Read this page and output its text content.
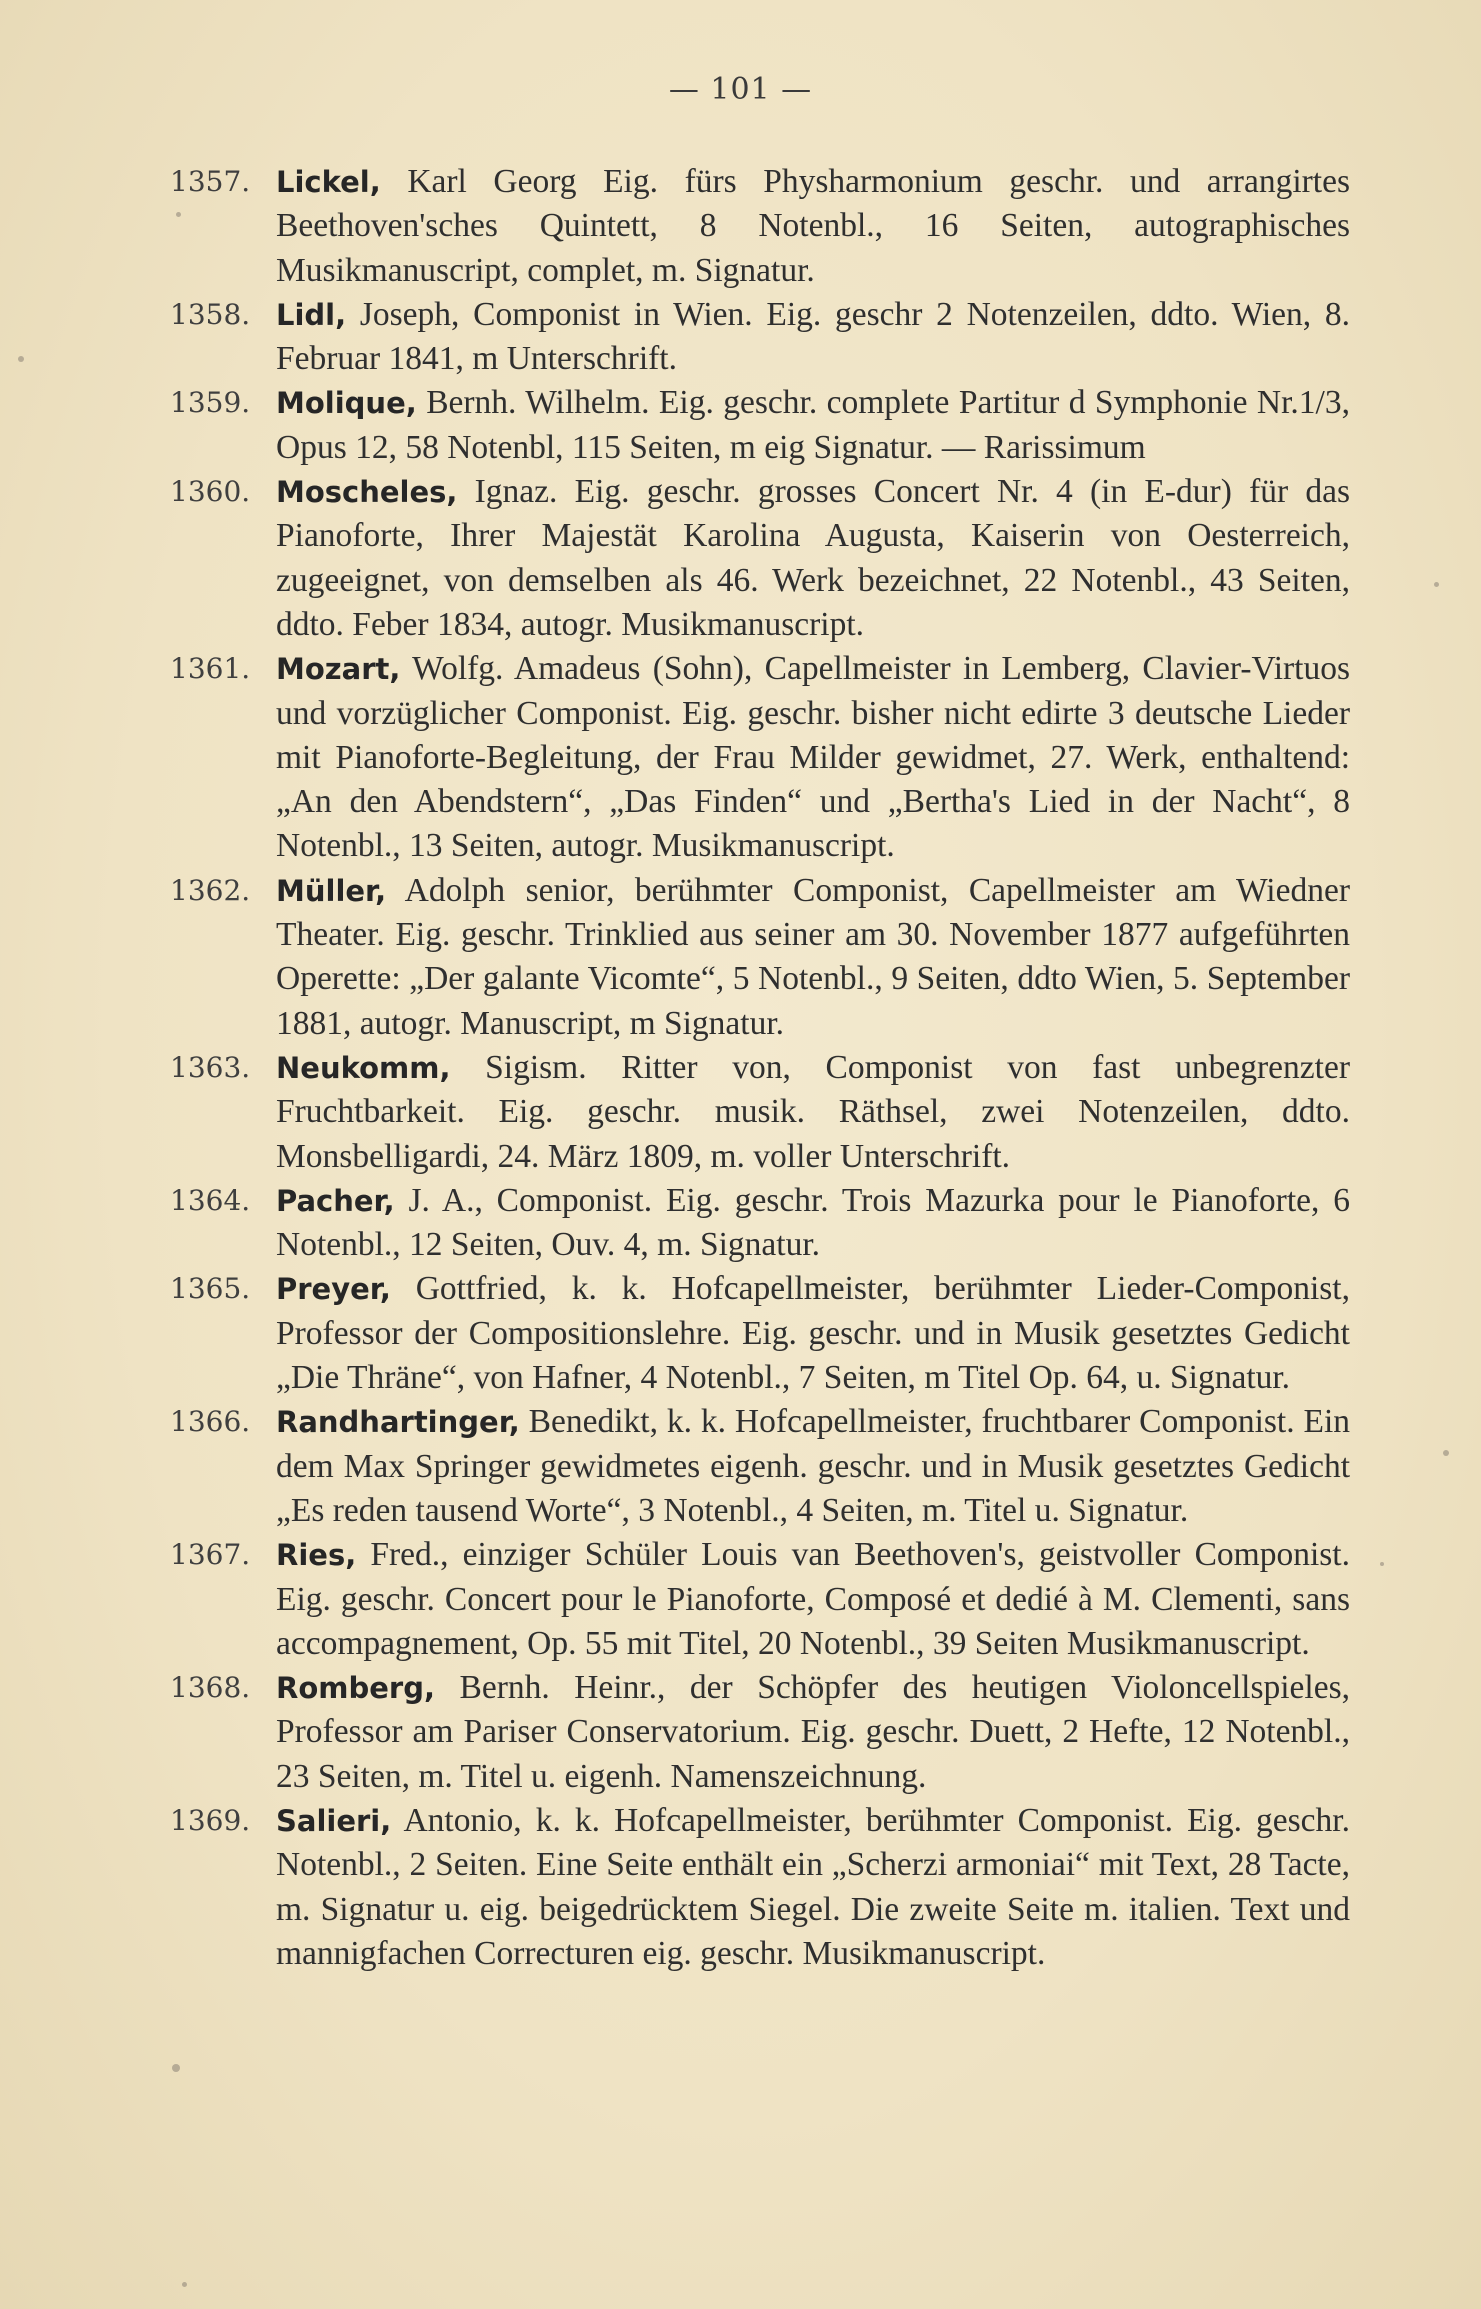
— 101 —
1357. Lickel, Karl Georg Eig. fürs Physharmonium geschr. und arrangirtes Beethoven'sches Quintett, 8 Notenbl., 16 Seiten, autographisches Musikmanuscript, complet, m. Signatur.
1358. Lidl, Joseph, Componist in Wien. Eig. geschr 2 Notenzeilen, ddto. Wien, 8. Februar 1841, m Unterschrift.
1359. Molique, Bernh. Wilhelm. Eig. geschr. complete Partitur d Symphonie Nr.1/3, Opus 12, 58 Notenbl, 115 Seiten, m eig Signatur. — Rarissimum
1360. Moscheles, Ignaz. Eig. geschr. grosses Concert Nr. 4 (in E-dur) für das Pianoforte, Ihrer Majestät Karolina Augusta, Kaiserin von Oesterreich, zugeeignet, von demselben als 46. Werk bezeichnet, 22 Notenbl., 43 Seiten, ddto. Feber 1834, autogr. Musikmanuscript.
1361. Mozart, Wolfg. Amadeus (Sohn), Capellmeister in Lemberg, Clavier-Virtuos und vorzüglicher Componist. Eig. geschr. bisher nicht edirte 3 deutsche Lieder mit Pianoforte-Begleitung, der Frau Milder gewidmet, 27. Werk, enthaltend: „An den Abendstern“, „Das Finden“ und „Bertha's Lied in der Nacht“, 8 Notenbl., 13 Seiten, autogr. Musikmanuscript.
1362. Müller, Adolph senior, berühmter Componist, Capellmeister am Wiedner Theater. Eig. geschr. Trinklied aus seiner am 30. November 1877 aufgeführten Operette: „Der galante Vicomte“, 5 Notenbl., 9 Seiten, ddto Wien, 5. September 1881, autogr. Manuscript, m Signatur.
1363. Neukomm, Sigism. Ritter von, Componist von fast unbegrenzter Fruchtbarkeit. Eig. geschr. musik. Räthsel, zwei Notenzeilen, ddto. Monsbelligardi, 24. März 1809, m. voller Unterschrift.
1364. Pacher, J. A., Componist. Eig. geschr. Trois Mazurka pour le Pianoforte, 6 Notenbl., 12 Seiten, Ouv. 4, m. Signatur.
1365. Preyer, Gottfried, k. k. Hofcapellmeister, berühmter Lieder-Componist, Professor der Compositionslehre. Eig. geschr. und in Musik gesetztes Gedicht „Die Thräne“, von Hafner, 4 Notenbl., 7 Seiten, m Titel Op. 64, u. Signatur.
1366. Randhartinger, Benedikt, k. k. Hofcapellmeister, fruchtbarer Componist. Ein dem Max Springer gewidmetes eigenh. geschr. und in Musik gesetztes Gedicht „Es reden tausend Worte“, 3 Notenbl., 4 Seiten, m. Titel u. Signatur.
1367. Ries, Fred., einziger Schüler Louis van Beethoven's, geistvoller Componist. Eig. geschr. Concert pour le Pianoforte, Composé et dedié à M. Clementi, sans accompagnement, Op. 55 mit Titel, 20 Notenbl., 39 Seiten Musikmanuscript.
1368. Romberg, Bernh. Heinr., der Schöpfer des heutigen Violoncellspieles, Professor am Pariser Conservatorium. Eig. geschr. Duett, 2 Hefte, 12 Notenbl., 23 Seiten, m. Titel u. eigenh. Namenszeichnung.
1369. Salieri, Antonio, k. k. Hofcapellmeister, berühmter Componist. Eig. geschr. Notenbl., 2 Seiten. Eine Seite enthält ein „Scherzi armoniai“ mit Text, 28 Tacte, m. Signatur u. eig. beigedrücktem Siegel. Die zweite Seite m. italien. Text und mannigfachen Correcturen eig. geschr. Musikmanuscript.
